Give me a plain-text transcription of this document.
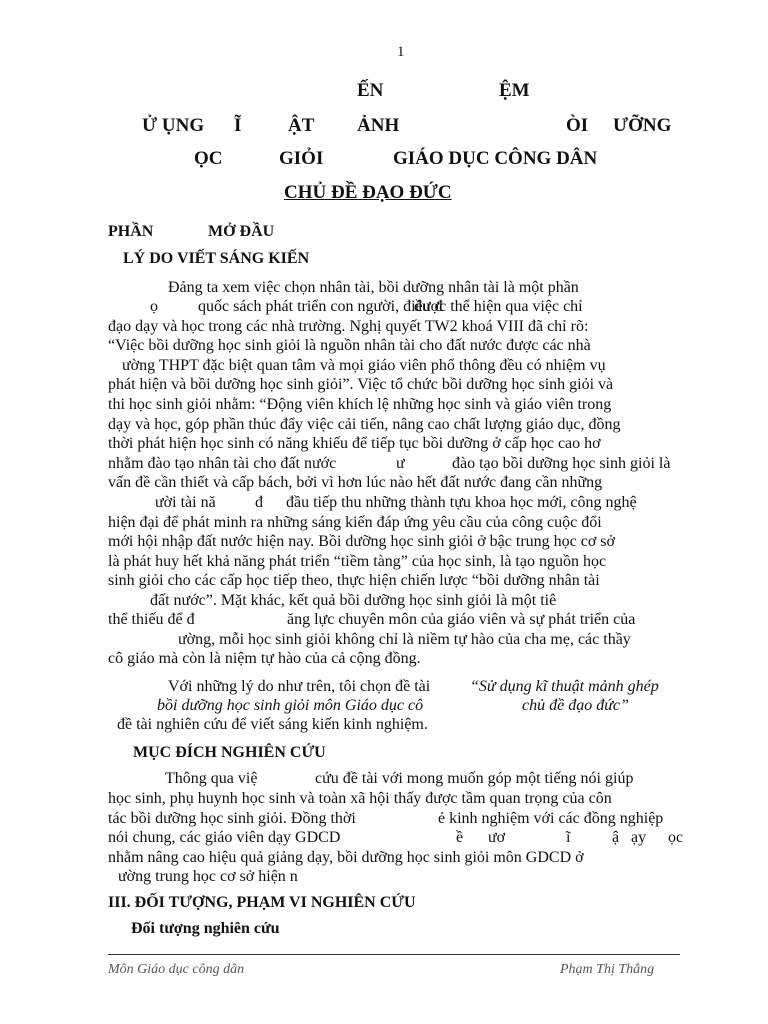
1
ẾN	ỆM
Ử ỤNG Ĩ ẬT ẢNH	ÒI ƯỠNG
ỌC	GIỎI	GIÁO DỤC CÔNG DÂN
CHỦ ĐỀ ĐẠO ĐỨC
PHẦN	MỞ ĐẦU
LÝ DO VIẾT SÁNG KIẾN
Đảng ta xem việc chọn nhân tài, bồi dưỡng nhân tài là một phần
ọ	quốc sách phát triển con người, điều đ
được thể hiện qua việc chỉ
đạo dạy và học trong các nhà trường. Nghị quyết TW2 khoá VIII đã chỉ rõ:
“Việc bồi dưỡng học sinh giỏi là nguồn nhân tài cho đất nước được các nhà
ường THPT đặc biệt quan tâm và mọi giáo viên phổ thông đều có nhiệm vụ
phát hiện và bồi dưỡng học sinh giỏi”. Việc tổ chức bồi dưỡng học sinh giỏi và
thi học sinh giỏi nhằm: “Động viên khích lệ những học sinh và giáo viên trong
dạy và học, góp phần thúc đẩy việc cải tiến, nâng cao chất lượng giáo dục, đồng
thời phát hiện học sinh có năng khiếu để tiếp tục bồi dưỡng ở cấp học cao hơ
nhằm đào tạo nhân tài cho đất nước	ư	đào tạo bồi dưỡng học sinh giỏi là
vấn đề cần thiết và cấp bách, bởi vì hơn lúc nào hết đất nước đang cần những
ười tài nă đ đầu tiếp thu những thành tựu khoa học mới, công nghệ
hiện đại để phát minh ra những sáng kiến đáp ứng yêu cầu của công cuộc đổi
mới hội nhập đất nước hiện nay. Bồi dưỡng học sinh giỏi ở bậc trung học cơ sở
là phát huy hết khả năng phát triển “tiềm tàng” của học sinh, là tạo nguồn học
sinh giỏi cho các cấp học tiếp theo, thực hiện chiến lược “bồi dưỡng nhân tài
đất nước”. Mặt khác, kết quả bồi dưỡng học sinh giỏi là một tiê
thể thiếu để đ	ăng lực chuyên môn của giáo viên và sự phát triển của
ường, mỗi học sinh giỏi không chỉ là niềm tự hào của cha mẹ, các thầy
cô giáo mà còn là niệm tự hào của cả cộng đồng.
Với những lý do như trên, tôi chọn đề tài “Sử dụng kĩ thuật mảnh ghép
bồi dưỡng học sinh giỏi môn Giáo dục cô	chủ đề đạo đức”
đề tài nghiên cứu để viết sáng kiến kinh nghiệm.
MỤC ĐÍCH NGHIÊN CỨU
Thông qua việ	cứu đề tài với mong muốn góp một tiếng nói giúp
học sinh, phụ huynh học sinh và toàn xã hội thấy được tầm quan trọng của côn
tác bồi dưỡng học sinh giỏi. Đồng thời	ẻ kinh nghiệm với các đồng nghiệp
nói chung, các giáo viên dạy GDCD	ề ươ	ĩ	ậ ạy ọc
nhằm nâng cao hiệu quả giảng dạy, bồi dưỡng học sinh giỏi môn GDCD ở
ường trung học cơ sở hiện n
III. ĐỐI TƯỢNG, PHẠM VI NGHIÊN CỨU
Đối tượng nghiên cứu
Môn Giáo dục công dân	Phạm Thị Thắng
